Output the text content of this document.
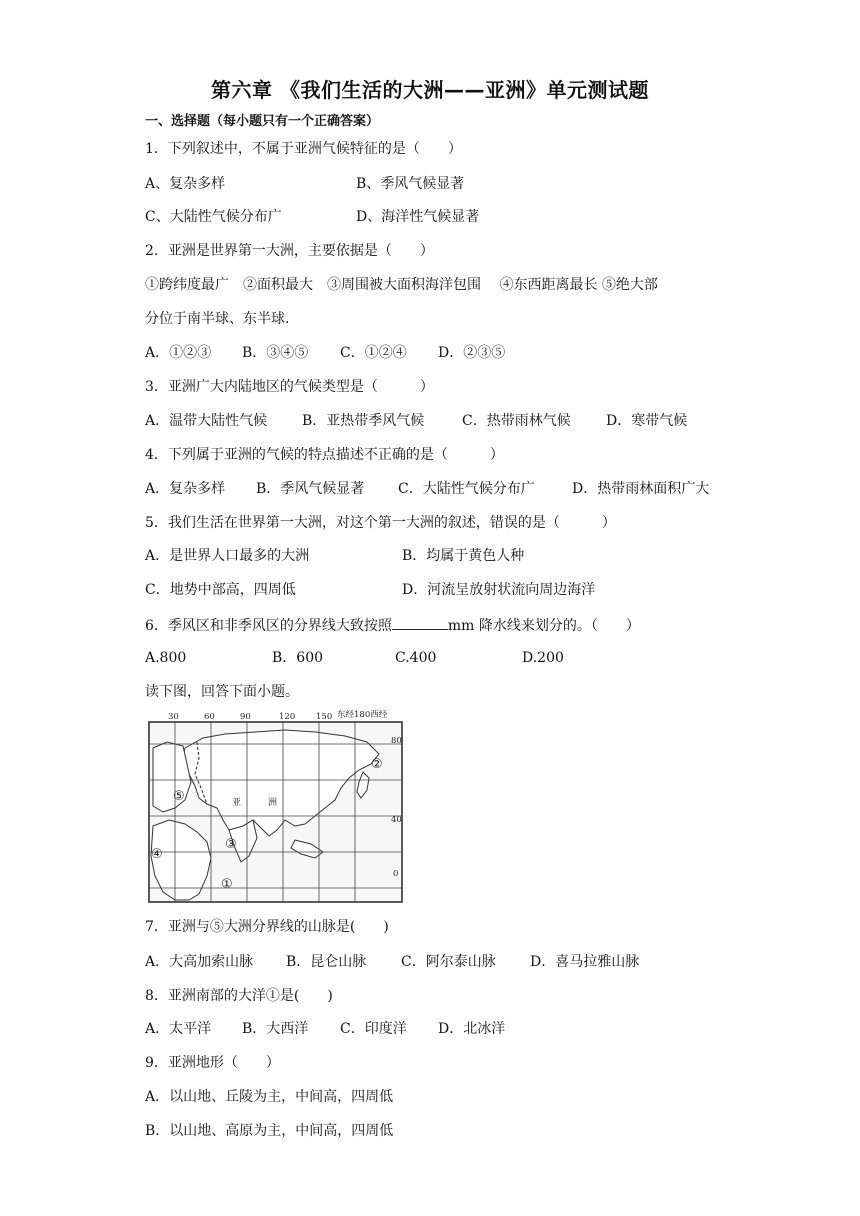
第六章 《我们生活的大洲——亚洲》单元测试题
一、选择题（每小题只有一个正确答案）
1．下列叙述中，不属于亚洲气候特征的是（　　）
A、复杂多样	B、季风气候显著
C、大陆性气候分布广	D、海洋性气候显著
2．亚洲是世界第一大洲，主要依据是（　　）
①跨纬度最广　②面积最大　③周围被大面积海洋包围　 ④东西距离最长 ⑤绝大部
分位于南半球、东半球．
A．①②③ B．③④⑤ C．①②④ D．②③⑤
3．亚洲广大内陆地区的气候类型是（　　　）
A．温带大陆性气候 B．亚热带季风气候	C．热带雨林气候	D．寒带气候
4．下列属于亚洲的气候的特点描述不正确的是（　　　）
A．复杂多样 B．季风气候显著 C．大陆性气候分布广	D．热带雨林面积广大
5．我们生活在世界第一大洲，对这个第一大洲的叙述，错误的是（　　　）
A．是世界人口最多的大洲	B．均属于黄色人种
C．地势中部高，四周低	D．河流呈放射状流向周边海洋
6．季风区和非季风区的分界线大致按照	mm 降水线来划分的。（　　）
A.800	B．600	C.400	D.200
读下图，回答下面小题。
30	60	90	120 150 东经180西经
80
40
0
亚	洲
①
②
③
④
⑤
7．亚洲与⑤大洲分界线的山脉是(　　)
A．大高加索山脉 B．昆仑山脉 C．阿尔泰山脉 D．喜马拉雅山脉
8．亚洲南部的大洋①是(　　)
A．太平洋 B．大西洋 C．印度洋 D．北冰洋
9．亚洲地形（　　）
A．以山地、丘陵为主，中间高，四周低
B．以山地、高原为主，中间高，四周低
